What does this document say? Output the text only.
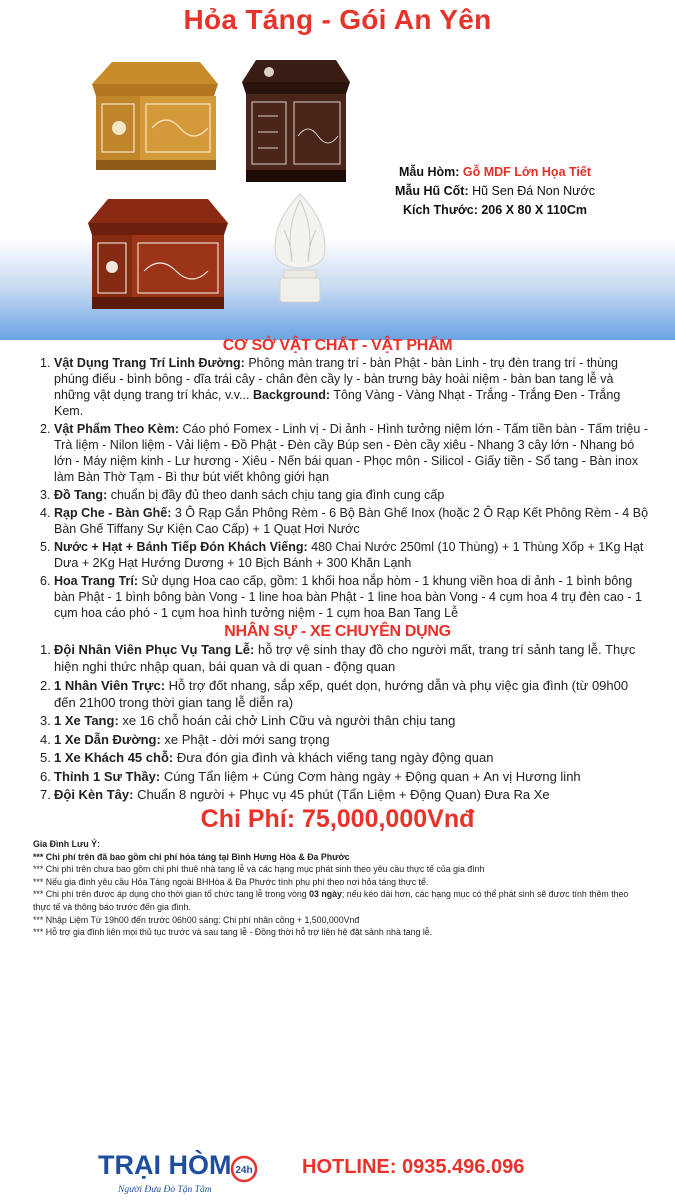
Hỏa Táng - Gói An Yên
Mẫu Hòm: Gỗ MDF Lớn Họa Tiết
Mẫu Hũ Cốt: Hũ Sen Đá Non Nước
Kích Thước: 206 X 80 X 110Cm
CƠ SỞ VẬT CHẤT - VẬT PHẨM
1. Vật Dụng Trang Trí Linh Đường: Phông màn trang trí - bàn Phật - bàn Linh - trụ đèn trang trí - thùng phúng điếu - bình bông - dĩa trái cây - chân đèn cầy ly - bàn trưng bày hoài niệm - bàn ban tang lễ và những vật dụng trang trí khác, v.v... Background: Tông Vàng - Vàng Nhạt - Trắng - Trắng Đen - Trắng Kem.
2. Vật Phẩm Theo Kèm: Cáo phó Fomex - Linh vị - Di ảnh - Hình tưởng niệm lớn - Tấm tiền bàn - Tấm triệu - Trà liệm - Nilon liệm - Vải liệm - Đồ Phật - Đèn cầy Búp sen - Đèn cầy xiêu - Nhang 3 cây lớn - Nhang bó lớn - Máy niệm kinh - Lư hương - Xiêu - Nến bái quan - Phọc môn - Silicol - Giấy tiền - Sổ tang - Bàn inox làm Bàn Thờ Tạm - Bì thư bút viết không giới hạn
3. Đồ Tang: chuẩn bị đầy đủ theo danh sách chịu tang gia đình cung cấp
4. Rạp Che - Bàn Ghế: 3 Ô Rạp Gắn Phông Rèm - 6 Bộ Bàn Ghế Inox (hoặc 2 Ô Rạp Kết Phông Rèm - 4 Bộ Bàn Ghế Tiffany Sự Kiện Cao Cấp) + 1 Quạt Hơi Nước
5. Nước + Hạt + Bánh Tiếp Đón Khách Viếng: 480 Chai Nước 250ml (10 Thùng) + 1 Thùng Xốp + 1Kg Hạt Dưa + 2Kg Hạt Hướng Dương + 10 Bịch Bánh + 300 Khăn Lạnh
6. Hoa Trang Trí: Sử dụng Hoa cao cấp, gồm: 1 khối hoa nắp hòm - 1 khung viền hoa di ảnh - 1 bình bông bàn Phật - 1 bình bông bàn Vong - 1 line hoa bàn Phật - 1 line hoa bàn Vong - 4 cụm hoa 4 trụ đèn cao - 1 cụm hoa cáo phó - 1 cụm hoa hình tưởng niệm - 1 cụm hoa Ban Tang Lễ
NHÂN SỰ - XE CHUYÊN DỤNG
1. Đội Nhân Viên Phục Vụ Tang Lễ: hỗ trợ vệ sinh thay đồ cho người mất, trang trí sảnh tang lễ. Thực hiện nghi thức nhập quan, bái quan và di quan - động quan
2. 1 Nhân Viên Trực: Hỗ trợ đốt nhang, sắp xếp, quét dọn, hướng dẫn và phụ việc gia đình (từ 09h00 đến 21h00 trong thời gian tang lễ diễn ra)
3. 1 Xe Tang: xe 16 chỗ hoán cải chở Linh Cữu và người thân chịu tang
4. 1 Xe Dẫn Đường: xe Phật - dời mới sang trọng
5. 1 Xe Khách 45 chỗ: Đưa đón gia đình và khách viếng tang ngày động quan
6. Thỉnh 1 Sư Thầy: Cúng Tẩn liệm + Cúng Cơm hàng ngày + Động quan + An vị Hương linh
7. Đội Kèn Tây: Chuẩn 8 người + Phục vụ 45 phút (Tẩn Liệm + Động Quan) Đưa Ra Xe
Chi Phí: 75,000,000Vnđ
Gia Đình Lưu Ý:
*** Chi phí trên đã bao gồm chi phí hỏa táng tại Bình Hưng Hòa & Đa Phước
*** Chi phí trên chưa bao gồm chi phí thuê nhà tang lễ và các hạng mục phát sinh theo yêu cầu thực tế của gia đình
*** Nếu gia đình yêu cầu Hỏa Táng ngoài BHHòa & Đa Phước tính phụ phí theo nơi hỏa táng thực tế.
*** Chi phí trên được áp dụng cho thời gian tổ chức tang lễ trong vòng 03 ngày; nếu kéo dài hơn, các hạng mục có thể phát sinh sẽ được tính thêm theo thực tế và thông báo trước đến gia đình.
*** Nhập Liệm Từ 19h00 đến trước 06h00 sáng: Chi phí nhân công + 1,500,000Vnđ
*** Hỗ trợ gia đình liên mọi thủ tục trước và sau tang lễ - Đồng thời hỗ trợ liên hệ đặt sảnh nhà tang lễ.
TRẠI HÒM 24h
Người Đưa Đò Tận Tâm
HOTLINE: 0935.496.096
